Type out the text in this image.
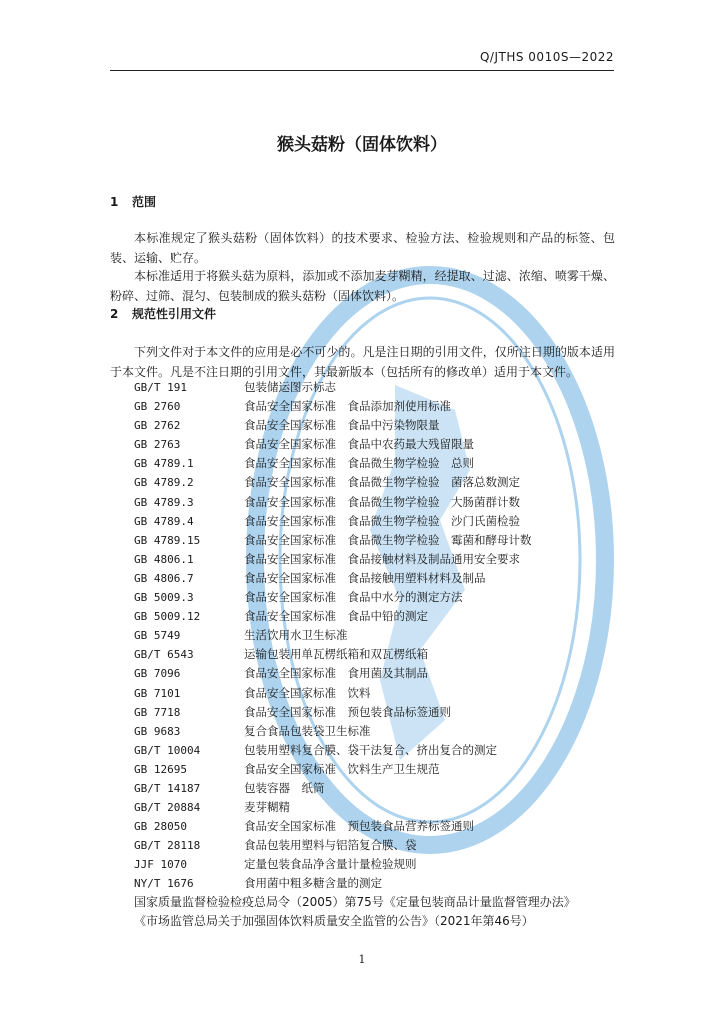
Q/JTHS 0010S—2022
猴头菇粉（固体饮料）
1 范围
本标准规定了猴头菇粉（固体饮料）的技术要求、检验方法、检验规则和产品的标签、包装、运输、贮存。
本标准适用于将猴头菇为原料，添加或不添加麦芽糊精，经提取、过滤、浓缩、喷雾干燥、粉碎、过筛、混匀、包装制成的猴头菇粉（固体饮料）。
2 规范性引用文件
下列文件对于本文件的应用是必不可少的。凡是注日期的引用文件，仅所注日期的版本适用于本文件。凡是不注日期的引用文件，其最新版本（包括所有的修改单）适用于本文件。
GB/T 191	包装储运图示标志
GB 2760	食品安全国家标准　食品添加剂使用标准
GB 2762	食品安全国家标准　食品中污染物限量
GB 2763	食品安全国家标准　食品中农药最大残留限量
GB 4789.1	食品安全国家标准　食品微生物学检验　总则
GB 4789.2	食品安全国家标准　食品微生物学检验　菌落总数测定
GB 4789.3	食品安全国家标准　食品微生物学检验　大肠菌群计数
GB 4789.4	食品安全国家标准　食品微生物学检验　沙门氏菌检验
GB 4789.15	食品安全国家标准　食品微生物学检验　霉菌和酵母计数
GB 4806.1	食品安全国家标准　食品接触材料及制品通用安全要求
GB 4806.7	食品安全国家标准　食品接触用塑料材料及制品
GB 5009.3	食品安全国家标准　食品中水分的测定方法
GB 5009.12	食品安全国家标准　食品中铅的测定
GB 5749	生活饮用水卫生标准
GB/T 6543	运输包装用单瓦楞纸箱和双瓦楞纸箱
GB 7096	食品安全国家标准　食用菌及其制品
GB 7101	食品安全国家标准　饮料
GB 7718	食品安全国家标准　预包装食品标签通则
GB 9683	复合食品包装袋卫生标准
GB/T 10004	包装用塑料复合膜、袋干法复合、挤出复合的测定
GB 12695	食品安全国家标准　饮料生产卫生规范
GB/T 14187	包装容器　纸筒
GB/T 20884	麦芽糊精
GB 28050	食品安全国家标准　预包装食品营养标签通则
GB/T 28118	食品包装用塑料与铝箔复合膜、袋
JJF 1070	定量包装食品净含量计量检验规则
NY/T 1676	食用菌中粗多糖含量的测定
国家质量监督检验检疫总局令（2005）第75号《定量包装商品计量监督管理办法》
《市场监管总局关于加强固体饮料质量安全监管的公告》（2021年第46号）
1
